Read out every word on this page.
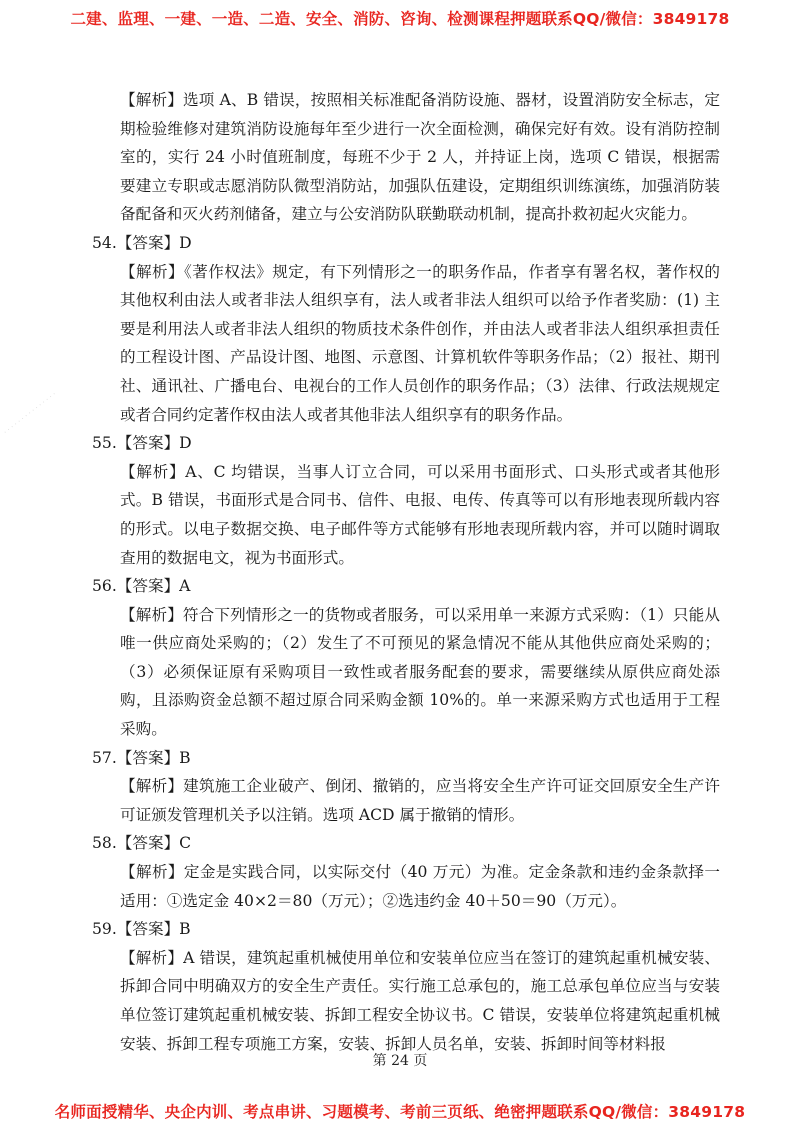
二建、监理、一建、一造、二造、安全、消防、咨询、检测课程押题联系QQ/微信：3849178
· · · · · · · · · · · · · · ·

【解析】选项 A、B 错误，按照相关标准配备消防设施、器材，设置消防安全标志，定期检验维修对建筑消防设施每年至少进行一次全面检测，确保完好有效。设有消防控制室的，实行 24 小时值班制度，每班不少于 2 人，并持证上岗，选项 C 错误，根据需要建立专职或志愿消防队微型消防站，加强队伍建设，定期组织训练演练，加强消防装备配备和灭火药剂储备，建立与公安消防队联勤联动机制，提高扑救初起火灾能力。

54.【答案】D

【解析】《著作权法》规定，有下列情形之一的职务作品，作者享有署名权，著作权的其他权利由法人或者非法人组织享有，法人或者非法人组织可以给予作者奖励：(1) 主要是利用法人或者非法人组织的物质技术条件创作，并由法人或者非法人组织承担责任的工程设计图、产品设计图、地图、示意图、计算机软件等职务作品；（2）报社、期刊社、通讯社、广播电台、电视台的工作人员创作的职务作品；（3）法律、行政法规规定或者合同约定著作权由法人或者其他非法人组织享有的职务作品。

55.【答案】D

【解析】A、C 均错误，当事人订立合同，可以采用书面形式、口头形式或者其他形式。B 错误，书面形式是合同书、信件、电报、电传、传真等可以有形地表现所载内容的形式。以电子数据交换、电子邮件等方式能够有形地表现所载内容，并可以随时调取查用的数据电文，视为书面形式。

56.【答案】A

【解析】符合下列情形之一的货物或者服务，可以采用单一来源方式采购：（1）只能从唯一供应商处采购的；（2）发生了不可预见的紧急情况不能从其他供应商处采购的；（3）必须保证原有采购项目一致性或者服务配套的要求，需要继续从原供应商处添购，且添购资金总额不超过原合同采购金额 10%的。单一来源采购方式也适用于工程采购。

57.【答案】B

【解析】建筑施工企业破产、倒闭、撤销的，应当将安全生产许可证交回原安全生产许可证颁发管理机关予以注销。选项 ACD 属于撤销的情形。

58.【答案】C

【解析】定金是实践合同，以实际交付（40 万元）为准。定金条款和违约金条款择一适用：①选定金 40×2＝80（万元）；②选违约金 40＋50＝90（万元）。

59.【答案】B

【解析】A 错误，建筑起重机械使用单位和安装单位应当在签订的建筑起重机械安装、拆卸合同中明确双方的安全生产责任。实行施工总承包的，施工总承包单位应当与安装单位签订建筑起重机械安装、拆卸工程安全协议书。C 错误，安装单位将建筑起重机械安装、拆卸工程专项施工方案，安装、拆卸人员名单，安装、拆卸时间等材料报

第 24 页
名师面授精华、央企内训、考点串讲、习题模考、考前三页纸、绝密押题联系QQ/微信：3849178
